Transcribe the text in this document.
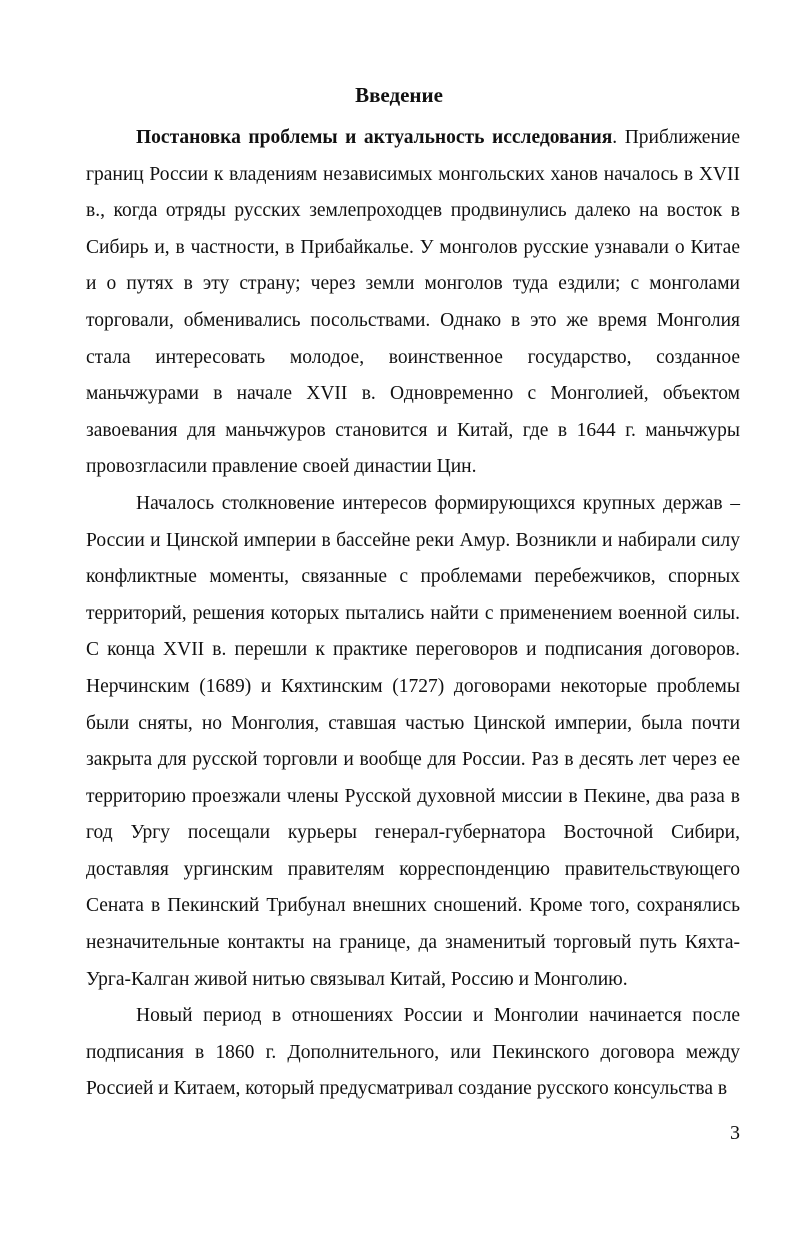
Введение

Постановка проблемы и актуальность исследования. Приближение границ России к владениям независимых монгольских ханов началось в XVII в., когда отряды русских землепроходцев продвинулись далеко на восток в Сибирь и, в частности, в Прибайкалье. У монголов русские узнавали о Китае и о путях в эту страну; через земли монголов туда ездили; с монголами торговали, обменивались посольствами. Однако в это же время Монголия стала интересовать молодое, воинственное государство, созданное маньчжурами в начале XVII в. Одновременно с Монголией, объектом завоевания для маньчжуров становится и Китай, где в 1644 г. маньчжуры провозгласили правление своей династии Цин.

Началось столкновение интересов формирующихся крупных держав – России и Цинской империи в бассейне реки Амур. Возникли и набирали силу конфликтные моменты, связанные с проблемами перебежчиков, спорных территорий, решения которых пытались найти с применением военной силы. С конца XVII в. перешли к практике переговоров и подписания договоров. Нерчинским (1689) и Кяхтинским (1727) договорами некоторые проблемы были сняты, но Монголия, ставшая частью Цинской империи, была почти закрыта для русской торговли и вообще для России. Раз в десять лет через ее территорию проезжали члены Русской духовной миссии в Пекине, два раза в год Ургу посещали курьеры генерал-губернатора Восточной Сибири, доставляя ургинским правителям корреспонденцию правительствующего Сената в Пекинский Трибунал внешних сношений. Кроме того, сохранялись незначительные контакты на границе, да знаменитый торговый путь Кяхта-Урга-Калган живой нитью связывал Китай, Россию и Монголию.

Новый период в отношениях России и Монголии начинается после подписания в 1860 г. Дополнительного, или Пекинского договора между Россией и Китаем, который предусматривал создание русского консульства в

3
